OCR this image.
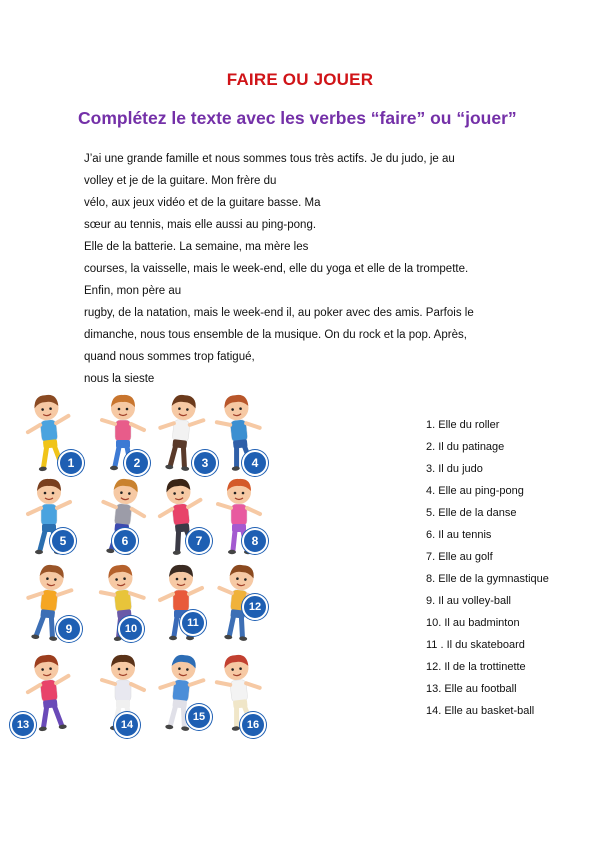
FAIRE OU JOUER
Complétez le texte avec les verbes “faire” ou “jouer”
J’ai une grande famille et nous sommes tous très actifs. Je du judo, je au
volley et je de la guitare. Mon frère du
vélo, aux jeux vidéo et de la guitare basse. Ma
sœur au tennis, mais elle aussi au ping-pong.
Elle de la batterie. La semaine, ma mère les
courses, la vaisselle, mais le week-end, elle du yoga et elle de la trompette.
Enfin, mon père au
rugby, de la natation, mais le week-end il, au poker avec des amis. Parfois le
dimanche, nous tous ensemble de la musique. On du rock et la pop. Après,
quand nous sommes trop fatigué,
nous la sieste
1	2	3	4
5	6	7	8
9	10	11
12
13	14
15
16
1. Elle du roller
2. Il du patinage
3. Il du judo
4. Elle au ping-pong
5. Elle de la danse
6. Il au tennis
7. Elle au golf
8. Elle de la gymnastique
9. Il au volley-ball
10. Il au badminton
11 . Il du skateboard
12. Il de la trottinette
13. Elle au football
14. Elle au basket-ball
